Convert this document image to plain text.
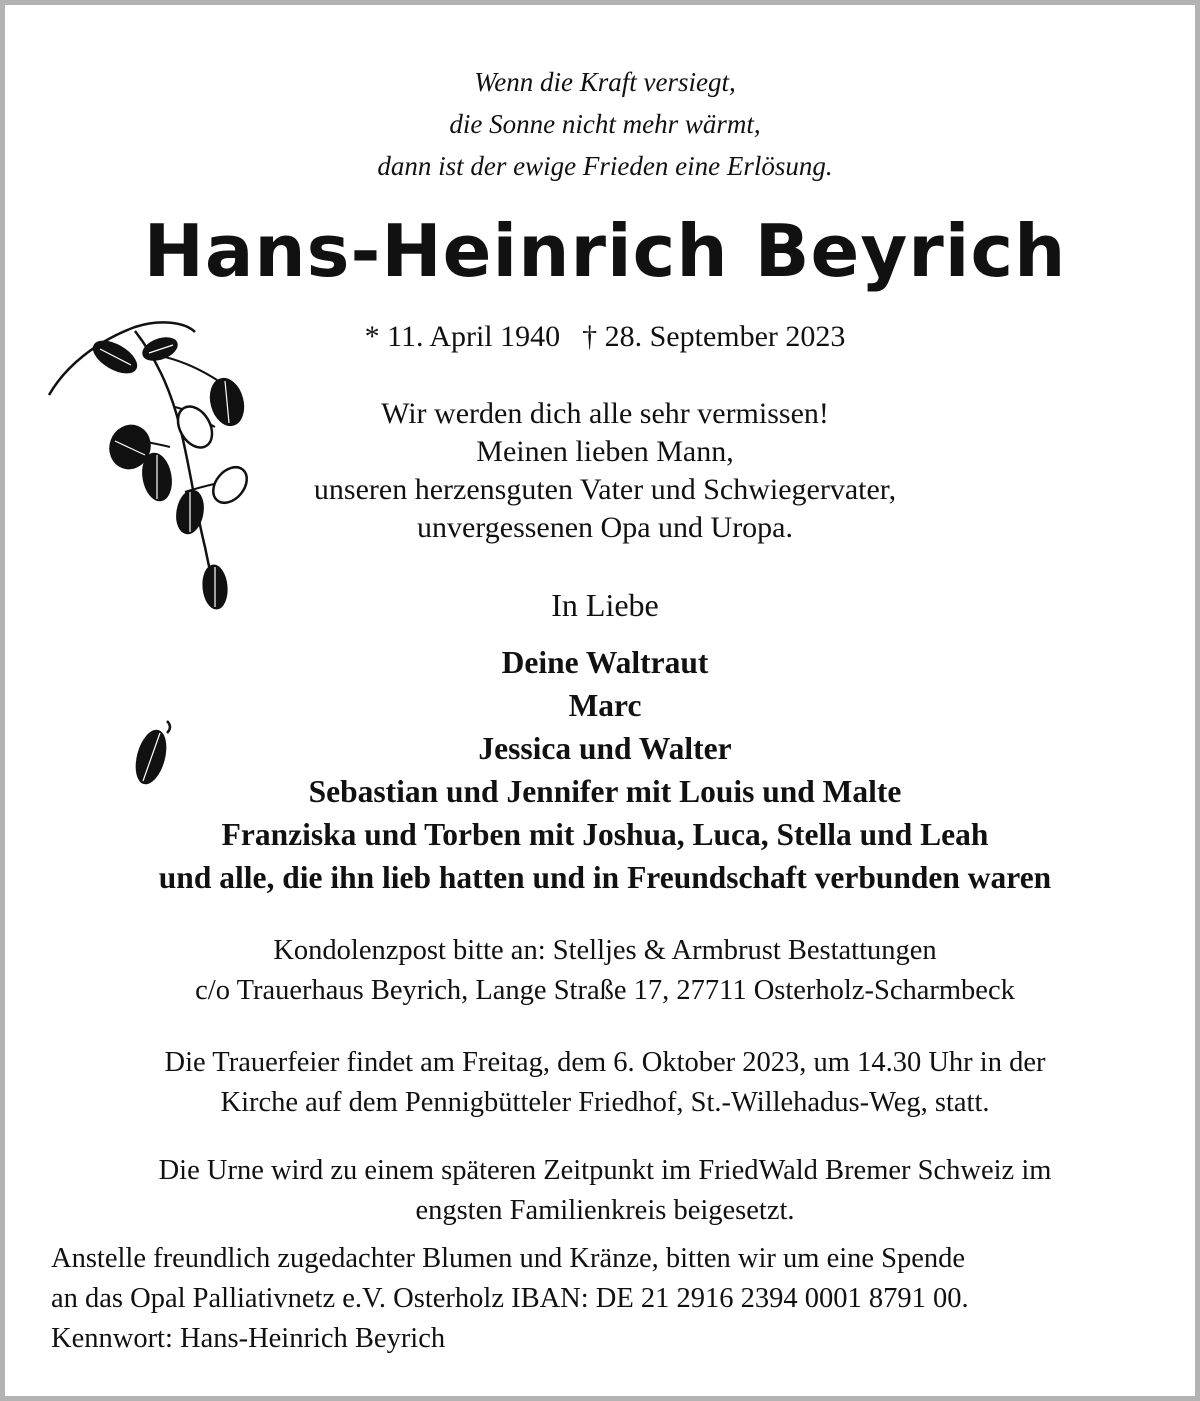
Wenn die Kraft versiegt,
die Sonne nicht mehr wärmt,
dann ist der ewige Frieden eine Erlösung.
Hans-Heinrich Beyrich
* 11. April 1940 † 28. September 2023
Wir werden dich alle sehr vermissen!
Meinen lieben Mann,
unseren herzensguten Vater und Schwiegervater,
unvergessenen Opa und Uropa.
In Liebe
Deine Waltraut
Marc
Jessica und Walter
Sebastian und Jennifer mit Louis und Malte
Franziska und Torben mit Joshua, Luca, Stella und Leah
und alle, die ihn lieb hatten und in Freundschaft verbunden waren
Kondolenzpost bitte an: Stelljes & Armbrust Bestattungen
c/o Trauerhaus Beyrich, Lange Straße 17, 27711 Osterholz-Scharmbeck
Die Trauerfeier findet am Freitag, dem 6. Oktober 2023, um 14.30 Uhr in der
Kirche auf dem Pennigbütteler Friedhof, St.-Willehadus-Weg, statt.
Die Urne wird zu einem späteren Zeitpunkt im FriedWald Bremer Schweiz im
engsten Familienkreis beigesetzt.
Anstelle freundlich zugedachter Blumen und Kränze, bitten wir um eine Spende
an das Opal Palliativnetz e.V. Osterholz IBAN: DE 21 2916 2394 0001 8791 00.
Kennwort: Hans-Heinrich Beyrich
